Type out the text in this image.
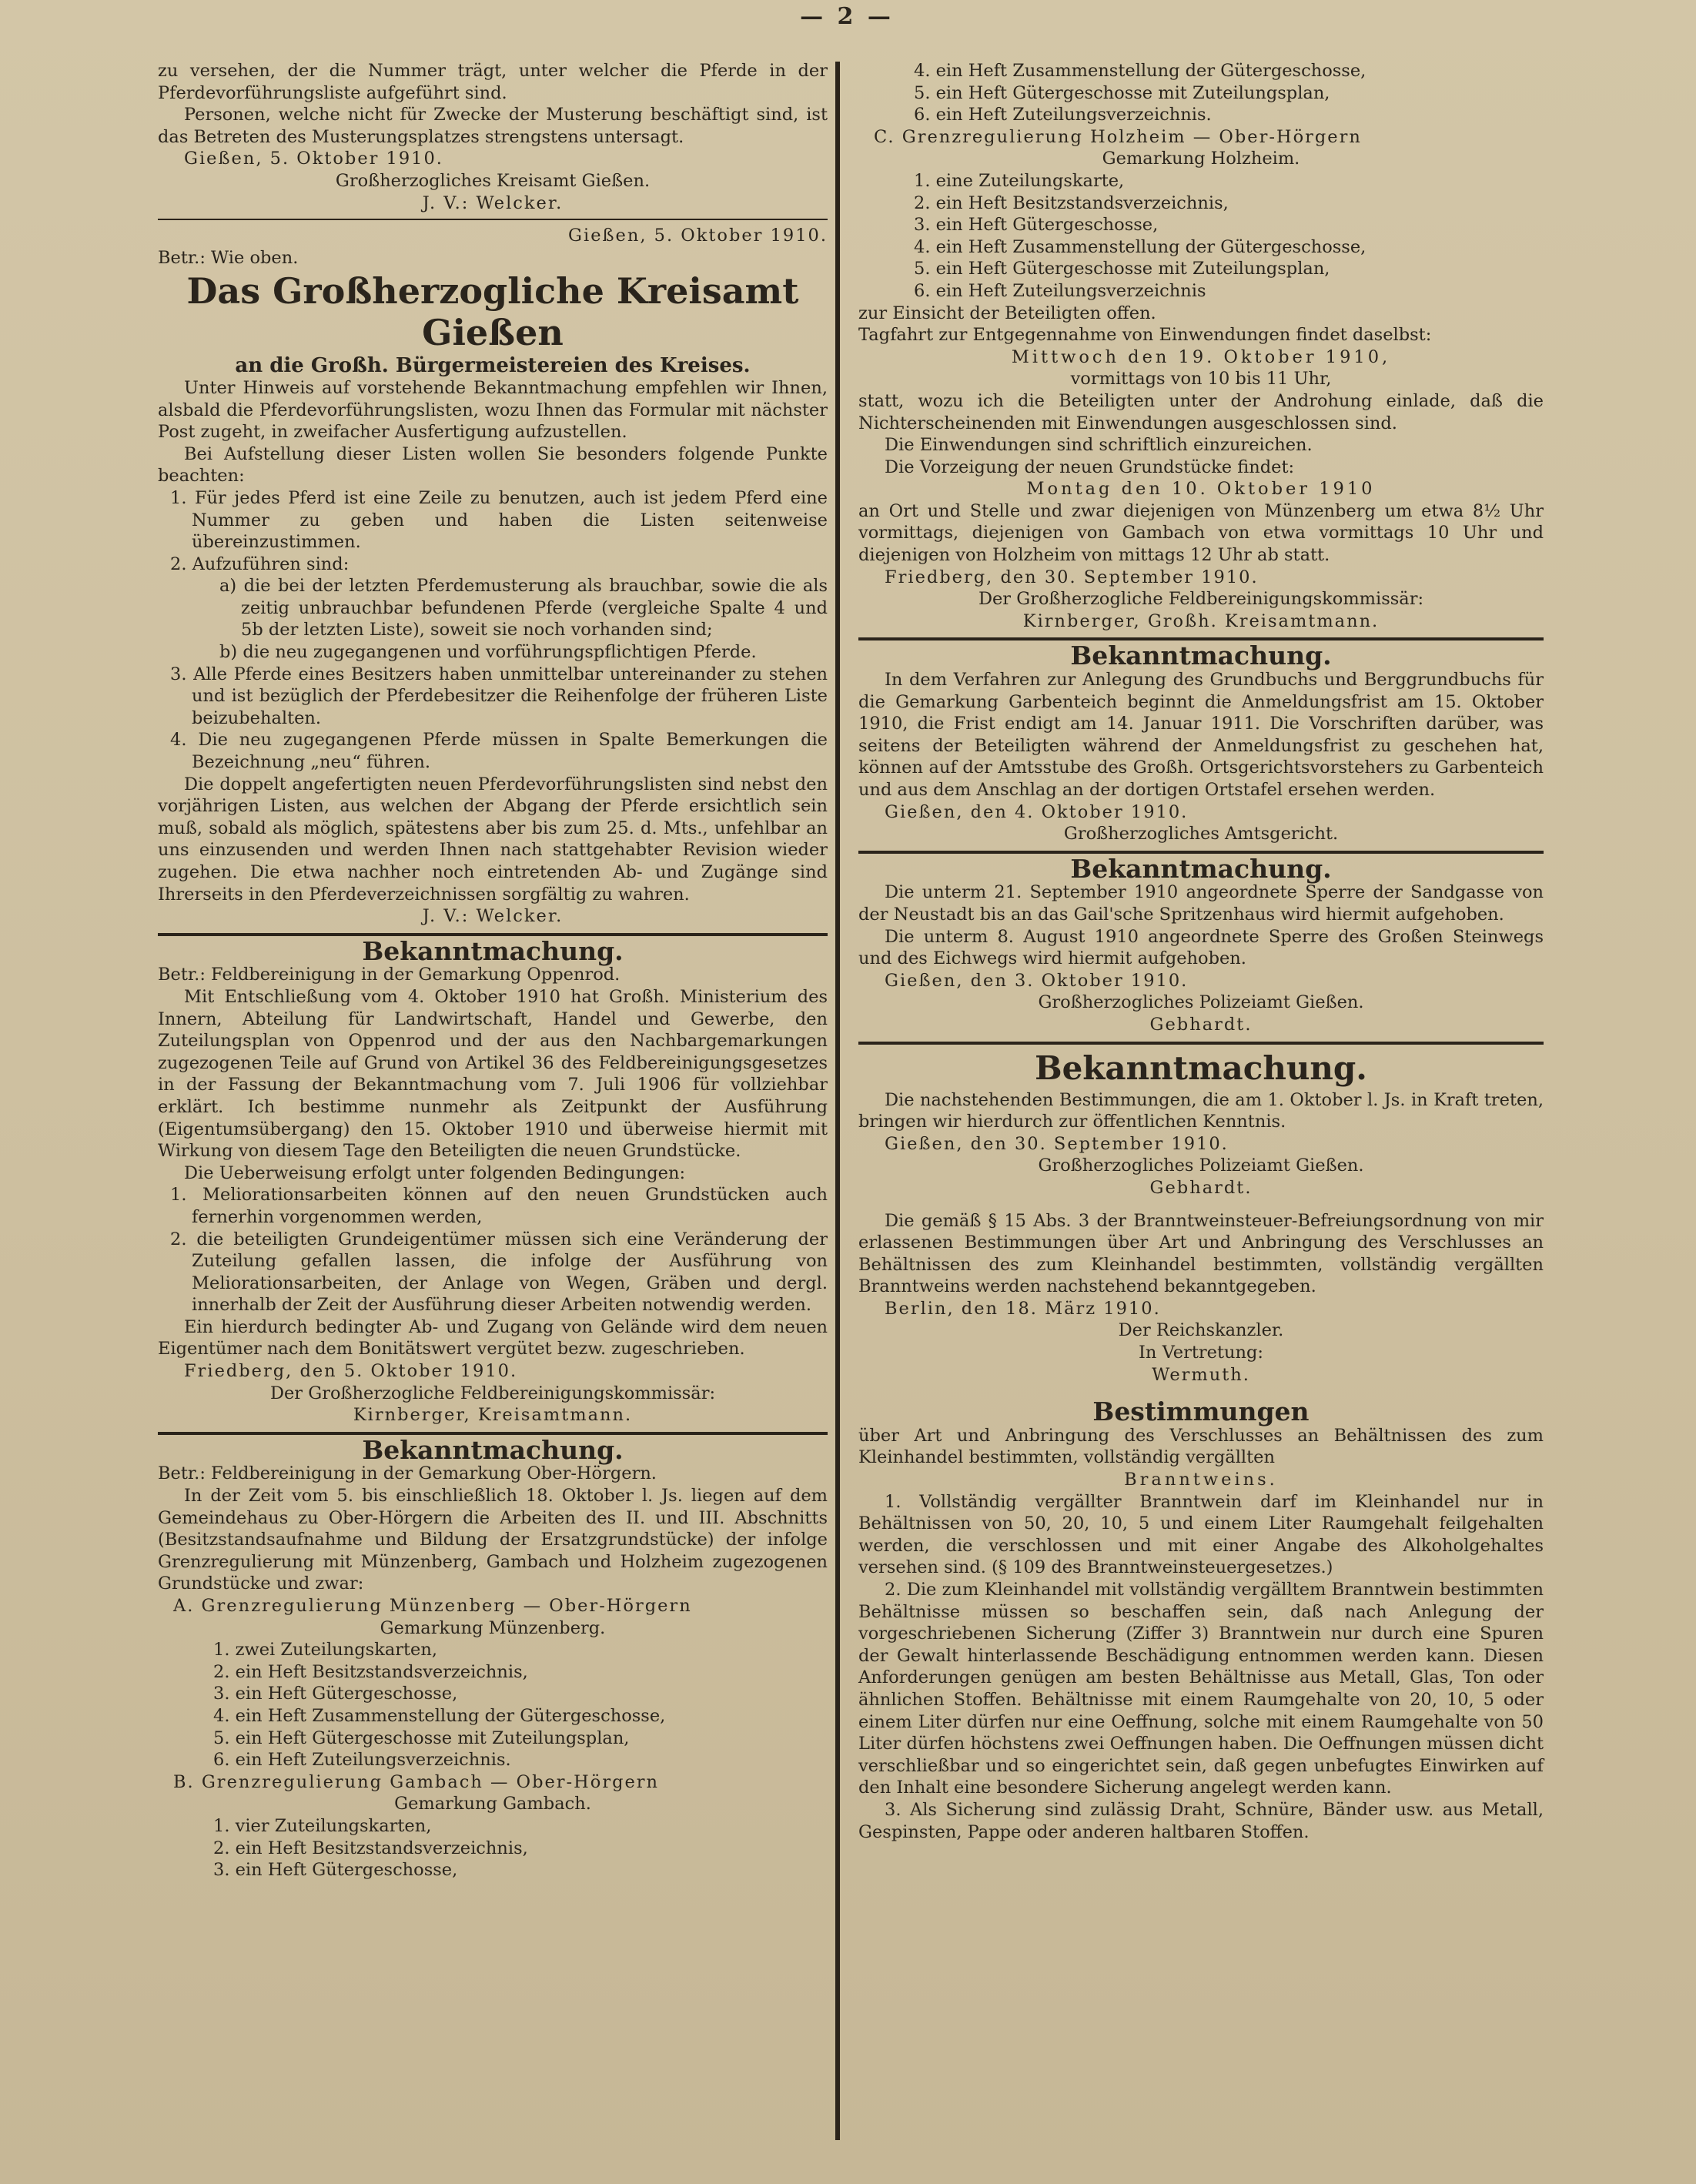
— 2 —

zu versehen, der die Nummer trägt, unter welcher die Pferde in der Pferdevorführungsliste aufgeführt sind.

Personen, welche nicht für Zwecke der Musterung beschäftigt sind, ist das Betreten des Musterungsplatzes strengstens untersagt.

Gießen, 5. Oktober 1910.

Großherzogliches Kreisamt Gießen.

J. V.: Welcker.

Gießen, 5. Oktober 1910.

Betr.: Wie oben.

Das Großherzogliche Kreisamt Gießen
an die Großh. Bürgermeistereien des Kreises.

Unter Hinweis auf vorstehende Bekanntmachung empfehlen wir Ihnen, alsbald die Pferdevorführungslisten, wozu Ihnen das Formular mit nächster Post zugeht, in zweifacher Ausfertigung aufzustellen.

Bei Aufstellung dieser Listen wollen Sie besonders folgende Punkte beachten:

1. Für jedes Pferd ist eine Zeile zu benutzen, auch ist jedem Pferd eine Nummer zu geben und haben die Listen seitenweise übereinzustimmen.

2. Aufzuführen sind:

a) die bei der letzten Pferdemusterung als brauchbar, sowie die als zeitig unbrauchbar befundenen Pferde (vergleiche Spalte 4 und 5b der letzten Liste), soweit sie noch vorhanden sind;

b) die neu zugegangenen und vorführungspflichtigen Pferde.

3. Alle Pferde eines Besitzers haben unmittelbar untereinander zu stehen und ist bezüglich der Pferdebesitzer die Reihenfolge der früheren Liste beizubehalten.

4. Die neu zugegangenen Pferde müssen in Spalte Bemerkungen die Bezeichnung „neu“ führen.

Die doppelt angefertigten neuen Pferdevorführungslisten sind nebst den vorjährigen Listen, aus welchen der Abgang der Pferde ersichtlich sein muß, sobald als möglich, spätestens aber bis zum 25. d. Mts., unfehlbar an uns einzusenden und werden Ihnen nach stattgehabter Revision wieder zugehen. Die etwa nachher noch eintretenden Ab- und Zugänge sind Ihrerseits in den Pferdeverzeichnissen sorgfältig zu wahren.

J. V.: Welcker.

Bekanntmachung.

Betr.: Feldbereinigung in der Gemarkung Oppenrod.

Mit Entschließung vom 4. Oktober 1910 hat Großh. Ministerium des Innern, Abteilung für Landwirtschaft, Handel und Gewerbe, den Zuteilungsplan von Oppenrod und der aus den Nachbargemarkungen zugezogenen Teile auf Grund von Artikel 36 des Feldbereinigungsgesetzes in der Fassung der Bekanntmachung vom 7. Juli 1906 für vollziehbar erklärt. Ich bestimme nunmehr als Zeitpunkt der Ausführung (Eigentumsübergang) den 15. Oktober 1910 und überweise hiermit mit Wirkung von diesem Tage den Beteiligten die neuen Grundstücke.

Die Ueberweisung erfolgt unter folgenden Bedingungen:

1. Meliorationsarbeiten können auf den neuen Grundstücken auch fernerhin vorgenommen werden,

2. die beteiligten Grundeigentümer müssen sich eine Veränderung der Zuteilung gefallen lassen, die infolge der Ausführung von Meliorationsarbeiten, der Anlage von Wegen, Gräben und dergl. innerhalb der Zeit der Ausführung dieser Arbeiten notwendig werden.

Ein hierdurch bedingter Ab- und Zugang von Gelände wird dem neuen Eigentümer nach dem Bonitätswert vergütet bezw. zugeschrieben.

Friedberg, den 5. Oktober 1910.

Der Großherzogliche Feldbereinigungskommissär:

Kirnberger, Kreisamtmann.

Bekanntmachung.

Betr.: Feldbereinigung in der Gemarkung Ober-Hörgern.

In der Zeit vom 5. bis einschließlich 18. Oktober l. Js. liegen auf dem Gemeindehaus zu Ober-Hörgern die Arbeiten des II. und III. Abschnitts (Besitzstandsaufnahme und Bildung der Ersatzgrundstücke) der infolge Grenzregulierung mit Münzenberg, Gambach und Holzheim zugezogenen Grundstücke und zwar:

A. Grenzregulierung Münzenberg — Ober-Hörgern

Gemarkung Münzenberg.

1. zwei Zuteilungskarten,

2. ein Heft Besitzstandsverzeichnis,

3. ein Heft Gütergeschosse,

4. ein Heft Zusammenstellung der Gütergeschosse,

5. ein Heft Gütergeschosse mit Zuteilungsplan,

6. ein Heft Zuteilungsverzeichnis.

B. Grenzregulierung Gambach — Ober-Hörgern

Gemarkung Gambach.

1. vier Zuteilungskarten,

2. ein Heft Besitzstandsverzeichnis,

3. ein Heft Gütergeschosse,

4. ein Heft Zusammenstellung der Gütergeschosse,

5. ein Heft Gütergeschosse mit Zuteilungsplan,

6. ein Heft Zuteilungsverzeichnis.

C. Grenzregulierung Holzheim — Ober-Hörgern

Gemarkung Holzheim.

1. eine Zuteilungskarte,

2. ein Heft Besitzstandsverzeichnis,

3. ein Heft Gütergeschosse,

4. ein Heft Zusammenstellung der Gütergeschosse,

5. ein Heft Gütergeschosse mit Zuteilungsplan,

6. ein Heft Zuteilungsverzeichnis

zur Einsicht der Beteiligten offen.

Tagfahrt zur Entgegennahme von Einwendungen findet daselbst:

Mittwoch den 19. Oktober 1910,

vormittags von 10 bis 11 Uhr,

statt, wozu ich die Beteiligten unter der Androhung einlade, daß die Nichterscheinenden mit Einwendungen ausgeschlossen sind.

Die Einwendungen sind schriftlich einzureichen.

Die Vorzeigung der neuen Grundstücke findet:

Montag den 10. Oktober 1910

an Ort und Stelle und zwar diejenigen von Münzenberg um etwa 8½ Uhr vormittags, diejenigen von Gambach von etwa vormittags 10 Uhr und diejenigen von Holzheim von mittags 12 Uhr ab statt.

Friedberg, den 30. September 1910.

Der Großherzogliche Feldbereinigungskommissär:

Kirnberger, Großh. Kreisamtmann.

Bekanntmachung.

In dem Verfahren zur Anlegung des Grundbuchs und Berggrundbuchs für die Gemarkung Garbenteich beginnt die Anmeldungsfrist am 15. Oktober 1910, die Frist endigt am 14. Januar 1911. Die Vorschriften darüber, was seitens der Beteiligten während der Anmeldungsfrist zu geschehen hat, können auf der Amtsstube des Großh. Ortsgerichtsvorstehers zu Garbenteich und aus dem Anschlag an der dortigen Ortstafel ersehen werden.

Gießen, den 4. Oktober 1910.

Großherzogliches Amtsgericht.

Bekanntmachung.

Die unterm 21. September 1910 angeordnete Sperre der Sandgasse von der Neustadt bis an das Gail'sche Spritzenhaus wird hiermit aufgehoben.

Die unterm 8. August 1910 angeordnete Sperre des Großen Steinwegs und des Eichwegs wird hiermit aufgehoben.

Gießen, den 3. Oktober 1910.

Großherzogliches Polizeiamt Gießen.

Gebhardt.

Bekanntmachung.

Die nachstehenden Bestimmungen, die am 1. Oktober l. Js. in Kraft treten, bringen wir hierdurch zur öffentlichen Kenntnis.

Gießen, den 30. September 1910.

Großherzogliches Polizeiamt Gießen.

Gebhardt.

Die gemäß § 15 Abs. 3 der Branntweinsteuer-Befreiungsordnung von mir erlassenen Bestimmungen über Art und Anbringung des Verschlusses an Behältnissen des zum Kleinhandel bestimmten, vollständig vergällten Branntweins werden nachstehend bekanntgegeben.

Berlin, den 18. März 1910.

Der Reichskanzler.

In Vertretung:

Wermuth.

Bestimmungen

über Art und Anbringung des Verschlusses an Behältnissen des zum Kleinhandel bestimmten, vollständig vergällten

Branntweins.

1. Vollständig vergällter Branntwein darf im Kleinhandel nur in Behältnissen von 50, 20, 10, 5 und einem Liter Raumgehalt feilgehalten werden, die verschlossen und mit einer Angabe des Alkoholgehaltes versehen sind. (§ 109 des Branntweinsteuergesetzes.)

2. Die zum Kleinhandel mit vollständig vergälltem Branntwein bestimmten Behältnisse müssen so beschaffen sein, daß nach Anlegung der vorgeschriebenen Sicherung (Ziffer 3) Branntwein nur durch eine Spuren der Gewalt hinterlassende Beschädigung entnommen werden kann. Diesen Anforderungen genügen am besten Behältnisse aus Metall, Glas, Ton oder ähnlichen Stoffen. Behältnisse mit einem Raumgehalte von 20, 10, 5 oder einem Liter dürfen nur eine Oeffnung, solche mit einem Raumgehalte von 50 Liter dürfen höchstens zwei Oeffnungen haben. Die Oeffnungen müssen dicht verschließbar und so eingerichtet sein, daß gegen unbefugtes Einwirken auf den Inhalt eine besondere Sicherung angelegt werden kann.

3. Als Sicherung sind zulässig Draht, Schnüre, Bänder usw. aus Metall, Gespinsten, Pappe oder anderen haltbaren Stoffen.
